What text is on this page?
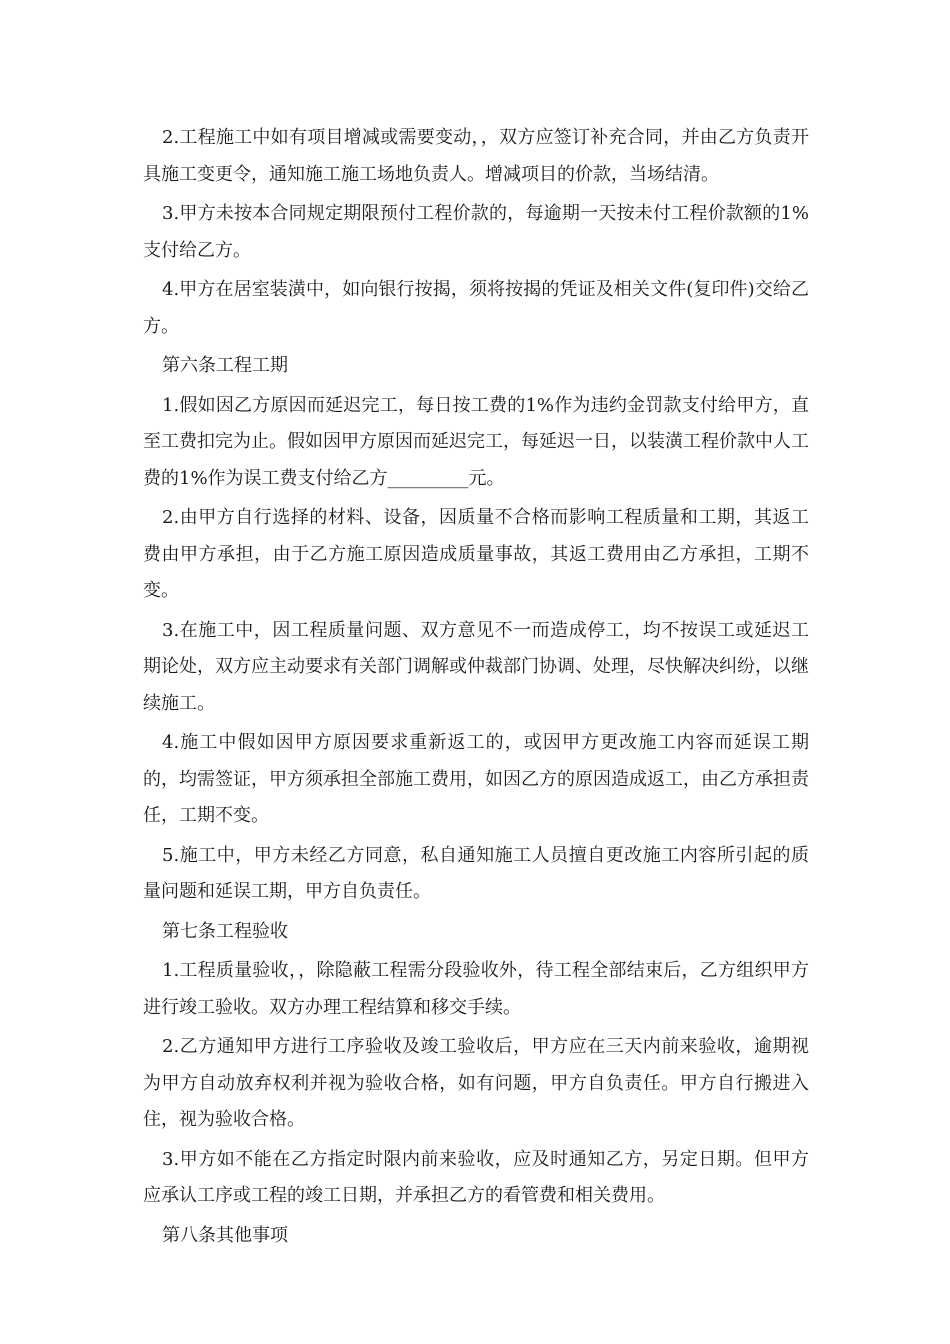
2.工程施工中如有项目增减或需要变动，，双方应签订补充合同，并由乙方负责开具施工变更令，通知施工施工场地负责人。增减项目的价款，当场结清。

3.甲方未按本合同规定期限预付工程价款的，每逾期一天按未付工程价款额的1%支付给乙方。

4.甲方在居室装潢中，如向银行按揭，须将按揭的凭证及相关文件(复印件)交给乙方。

第六条工程工期

1.假如因乙方原因而延迟完工，每日按工费的1%作为违约金罚款支付给甲方，直至工费扣完为止。假如因甲方原因而延迟完工，每延迟一日，以装潢工程价款中人工费的1%作为误工费支付给乙方_________元。

2.由甲方自行选择的材料、设备，因质量不合格而影响工程质量和工期，其返工费由甲方承担，由于乙方施工原因造成质量事故，其返工费用由乙方承担，工期不变。

3.在施工中，因工程质量问题、双方意见不一而造成停工，均不按误工或延迟工期论处，双方应主动要求有关部门调解或仲裁部门协调、处理，尽快解决纠纷，以继续施工。

4.施工中假如因甲方原因要求重新返工的，或因甲方更改施工内容而延误工期的，均需签证，甲方须承担全部施工费用，如因乙方的原因造成返工，由乙方承担责任，工期不变。

5.施工中，甲方未经乙方同意，私自通知施工人员擅自更改施工内容所引起的质量问题和延误工期，甲方自负责任。

第七条工程验收

1.工程质量验收，，除隐蔽工程需分段验收外，待工程全部结束后，乙方组织甲方进行竣工验收。双方办理工程结算和移交手续。

2.乙方通知甲方进行工序验收及竣工验收后，甲方应在三天内前来验收，逾期视为甲方自动放弃权利并视为验收合格，如有问题，甲方自负责任。甲方自行搬进入住，视为验收合格。

3.甲方如不能在乙方指定时限内前来验收，应及时通知乙方，另定日期。但甲方应承认工序或工程的竣工日期，并承担乙方的看管费和相关费用。

第八条其他事项
